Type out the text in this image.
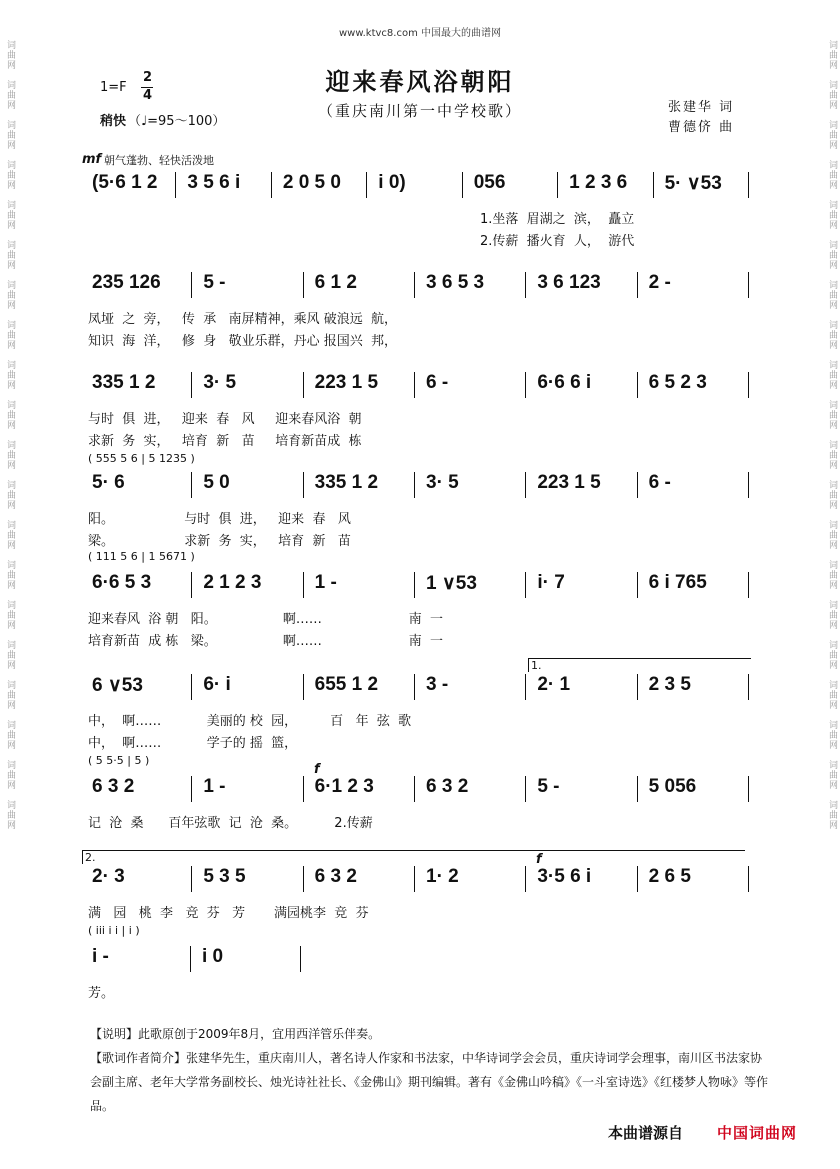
词曲网　词曲网　词曲网　词曲网　词曲网　词曲网　词曲网　词曲网　词曲网　词曲网　词曲网　词曲网　词曲网　词曲网　词曲网　词曲网　词曲网　词曲网　词曲网　词曲网
词曲网　词曲网　词曲网　词曲网　词曲网　词曲网　词曲网　词曲网　词曲网　词曲网　词曲网　词曲网　词曲网　词曲网　词曲网　词曲网　词曲网　词曲网　词曲网　词曲网
www.ktvc8.com 中国最大的曲谱网
迎来春风浴朝阳
（重庆南川第一中学校歌）
1=F
2
4
稍快 （♩=95～100）
张建华 词
曹德侪 曲
mf 朝气蓬勃、轻快活泼地
(5·6 1 2 3 5 6 i 2 0 5 0 i 0)	056	1 2 3 6 5· ∨53
1.坐落  眉湖之  滨，  矗立
2.传薪  播火育  人，  游代
235 126 5 -	6 1 2	3 6 5 3	3 6 123	2 -
凤垭  之  旁，   传  承   南屏精神，乘风 破浪远  航，
知识  海  洋，   修  身   敬业乐群，丹心 报国兴  邦，
335 1 2	3· 5	223 1 5	6 -	6·6 6 i	6 5 2 3
与时  俱  进，   迎来  春   风     迎来春风浴  朝
求新  务  实，   培育  新   苗     培育新苗成  栋
( 555 5 6 | 5 1235 )
5· 6	5 0	335 1 2	3· 5	223 1 5	6 -
阳。                 与时  俱  进，   迎来  春   风
梁。                 求新  务  实，   培育  新   苗
( 111 5 6 | 1 5671 )
6·6 5 3	2 1 2 3	1 -	1 ∨53	i· 7	6 i 765
迎来春风  浴 朝   阳。                啊……                     南  一
培育新苗  成 栋   梁。                啊……                     南  一
1.
6 ∨53	6· i	655 1 2	3 -	2· 1	2 3 5
中，  啊……           美丽的 校  园，        百   年  弦  歌
中，  啊……           学子的 摇  篮，
( 5 5·5 | 5 )
f
6 3 2	1 -	6·1 2 3	6 3 2	5 -	5 056
记  沧  桑      百年弦歌  记  沧  桑。         2.传薪
2.	f
2· 3	5 3 5	6 3 2	1· 2	3·5 6 i	2 6 5
满   园   桃  李   竞  芬   芳       满园桃李  竞  芬
( iii i i | i )
i -	i 0
芳。
【说明】此歌原创于2009年8月，宜用西洋管乐伴奏。
【歌词作者简介】张建华先生，重庆南川人，著名诗人作家和书法家，中华诗词学会会员，重庆诗词学会理事，南川区书法家协会副主席、老年大学常务副校长、烛光诗社社长、《金佛山》期刊编辑。著有《金佛山吟稿》《一斗室诗选》《红楼梦人物咏》等作品。
本曲谱源自 中国词曲网
